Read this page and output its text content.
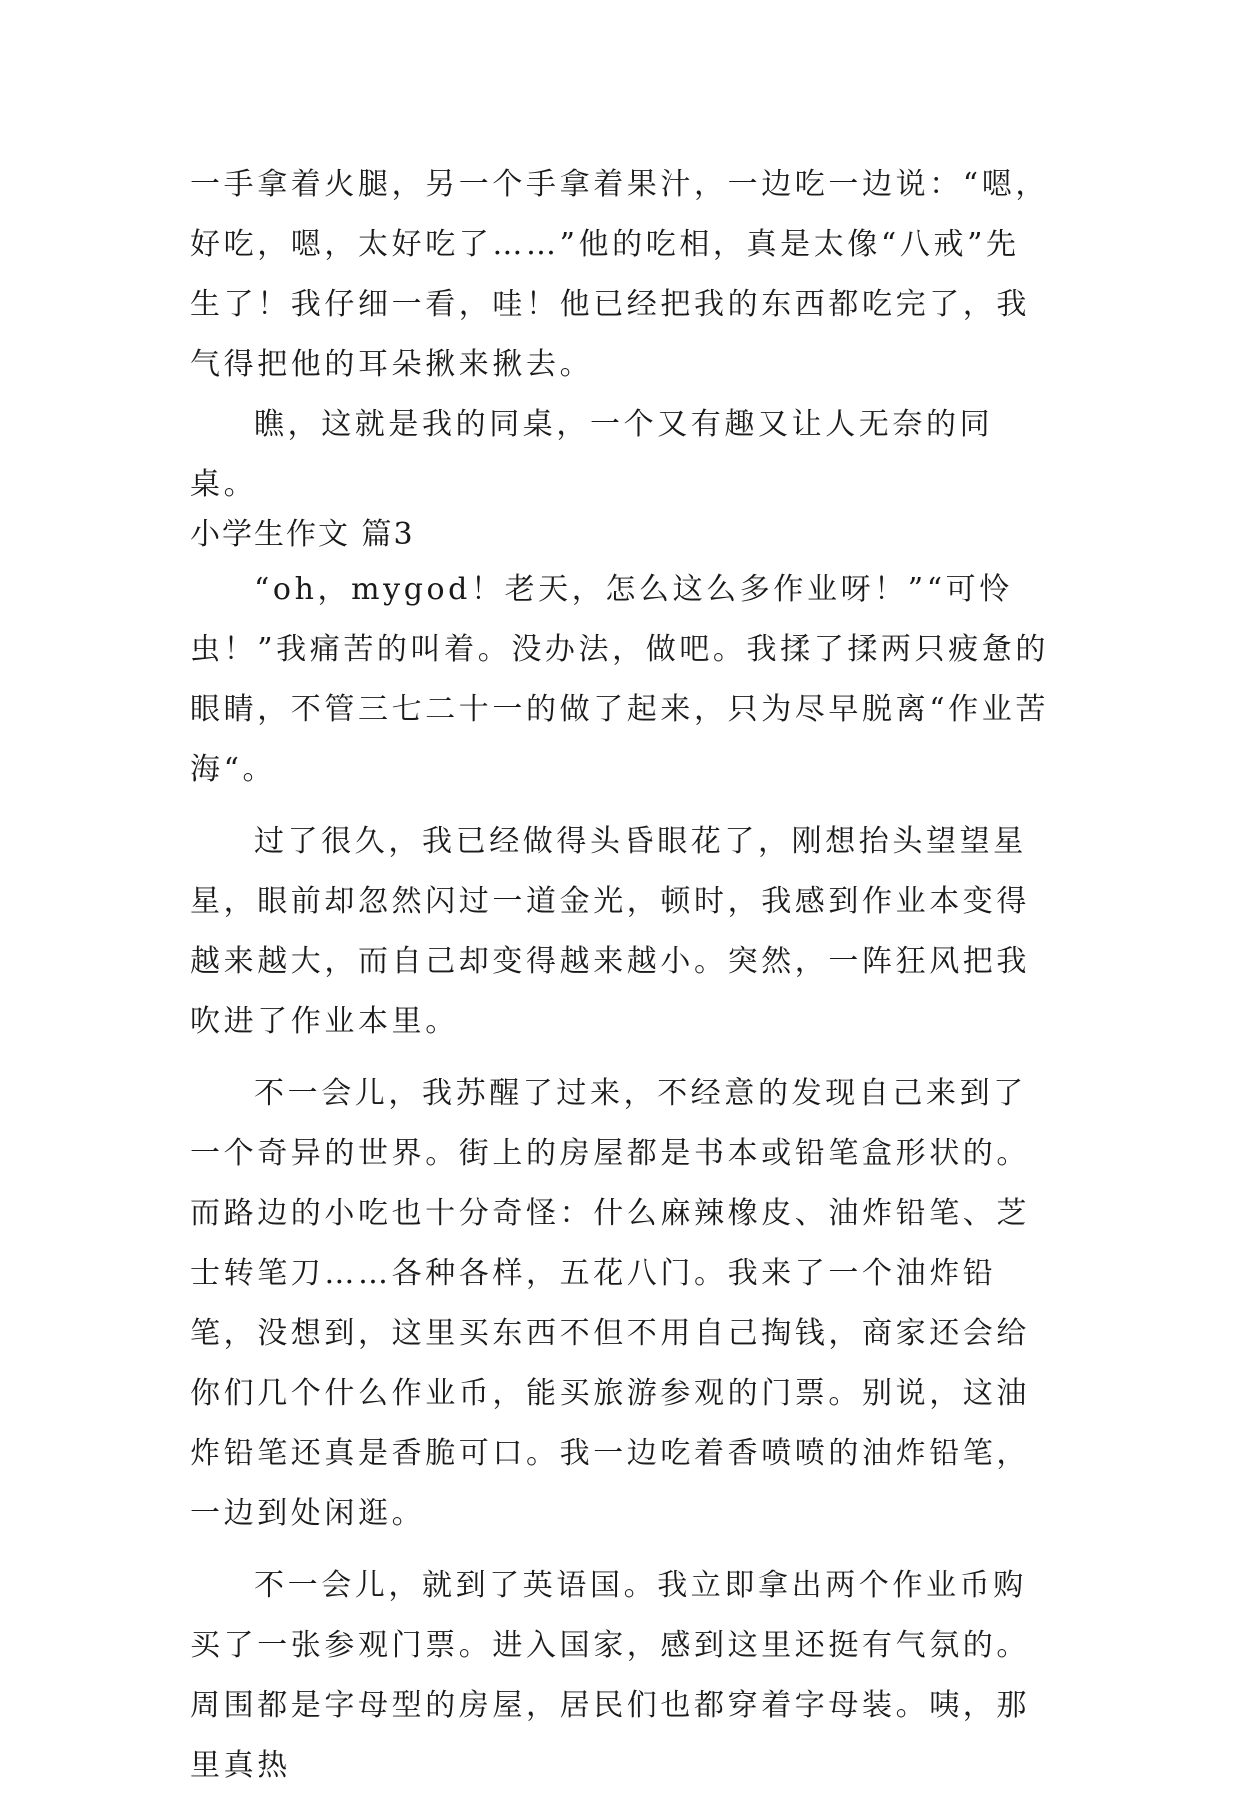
一手拿着火腿，另一个手拿着果汁，一边吃一边说：“嗯，好吃，嗯，太好吃了……”他的吃相，真是太像“八戒”先生了！我仔细一看，哇！他已经把我的东西都吃完了，我气得把他的耳朵揪来揪去。

瞧，这就是我的同桌，一个又有趣又让人无奈的同桌。

小学生作文 篇3

“oh，mygod！老天，怎么这么多作业呀！”“可怜虫！”我痛苦的叫着。没办法，做吧。我揉了揉两只疲惫的眼睛，不管三七二十一的做了起来，只为尽早脱离“作业苦海“。

过了很久，我已经做得头昏眼花了，刚想抬头望望星星，眼前却忽然闪过一道金光，顿时，我感到作业本变得越来越大，而自己却变得越来越小。突然，一阵狂风把我吹进了作业本里。

不一会儿，我苏醒了过来，不经意的发现自己来到了一个奇异的世界。街上的房屋都是书本或铅笔盒形状的。而路边的小吃也十分奇怪：什么麻辣橡皮、油炸铅笔、芝士转笔刀……各种各样，五花八门。我来了一个油炸铅笔，没想到，这里买东西不但不用自己掏钱，商家还会给你们几个什么作业币，能买旅游参观的门票。别说，这油炸铅笔还真是香脆可口。我一边吃着香喷喷的油炸铅笔，一边到处闲逛。

不一会儿，就到了英语国。我立即拿出两个作业币购买了一张参观门票。进入国家，感到这里还挺有气氛的。周围都是字母型的房屋，居民们也都穿着字母装。咦，那里真热
